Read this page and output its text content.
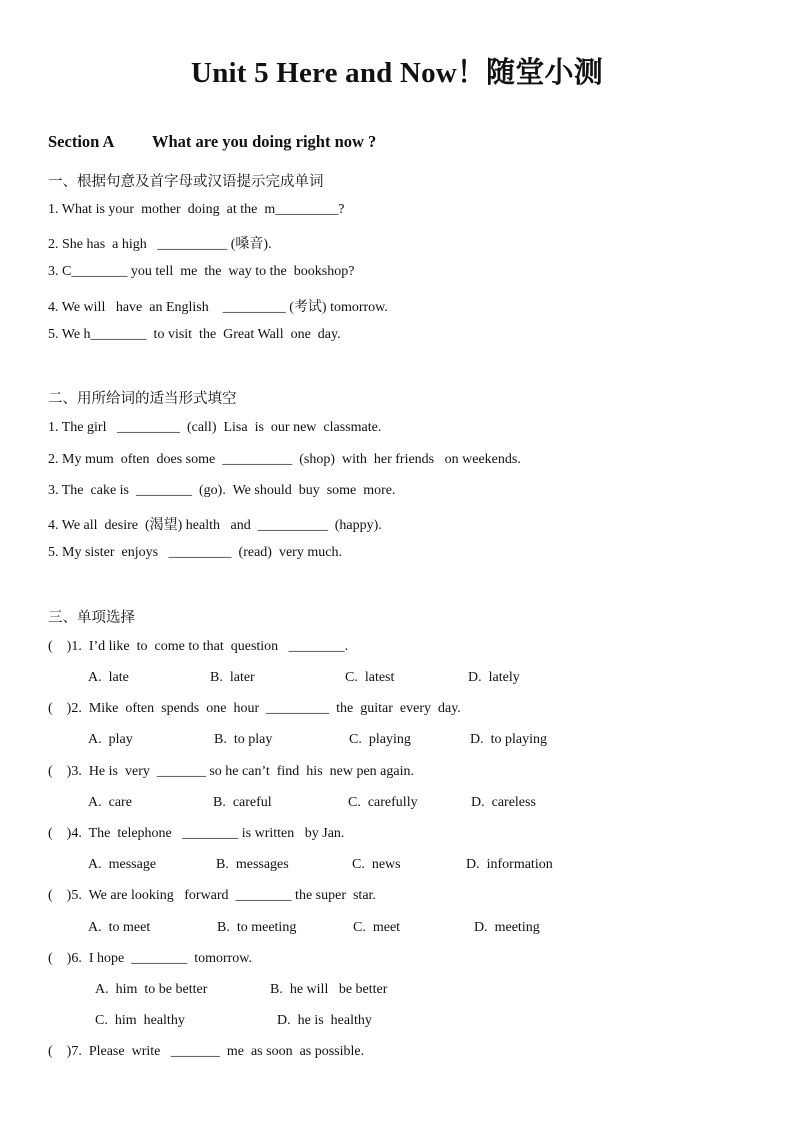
Unit 5 Here and Now！随堂小测
Section A What are you doing right now ?
一、根据句意及首字母或汉语提示完成单词
1. What is your  mother  doing  at the  m_________?
2. She has  a high   __________ (嗓音).
3. C________ you tell  me  the  way to the  bookshop?
4. We will   have  an English    _________ (考试) tomorrow.
5. We h________  to visit  the  Great Wall  one  day.
二、用所给词的适当形式填空
1. The girl   _________  (call)  Lisa  is  our new  classmate.
2. My mum  often  does some  __________  (shop)  with  her friends   on weekends.
3. The  cake is  ________  (go).  We should  buy  some  more.
4. We all  desire  (渴望) health   and  __________  (happy).
5. My sister  enjoys   _________  (read)  very much.
三、单项选择
(    )1.  I’d like  to  come to that  question   ________.
A.  late	B.  later	C.  latest	D.  lately
(    )2.  Mike  often  spends  one  hour  _________  the  guitar  every  day.
A.  play	B.  to play	C.  playing	D.  to playing
(    )3.  He is  very  _______ so he can’t  find  his  new pen again.
A.  care	B.  careful	C.  carefully	D.  careless
(    )4.  The  telephone   ________ is written   by Jan.
A.  message	B.  messages	C.  news	D.  information
(    )5.  We are looking   forward  ________ the super  star.
A.  to meet	B.  to meeting	C.  meet	D.  meeting
(    )6.  I hope  ________  tomorrow.
A.  him  to be better	B.  he will   be better
C.  him  healthy	D.  he is  healthy
(    )7.  Please  write   _______  me  as soon  as possible.
